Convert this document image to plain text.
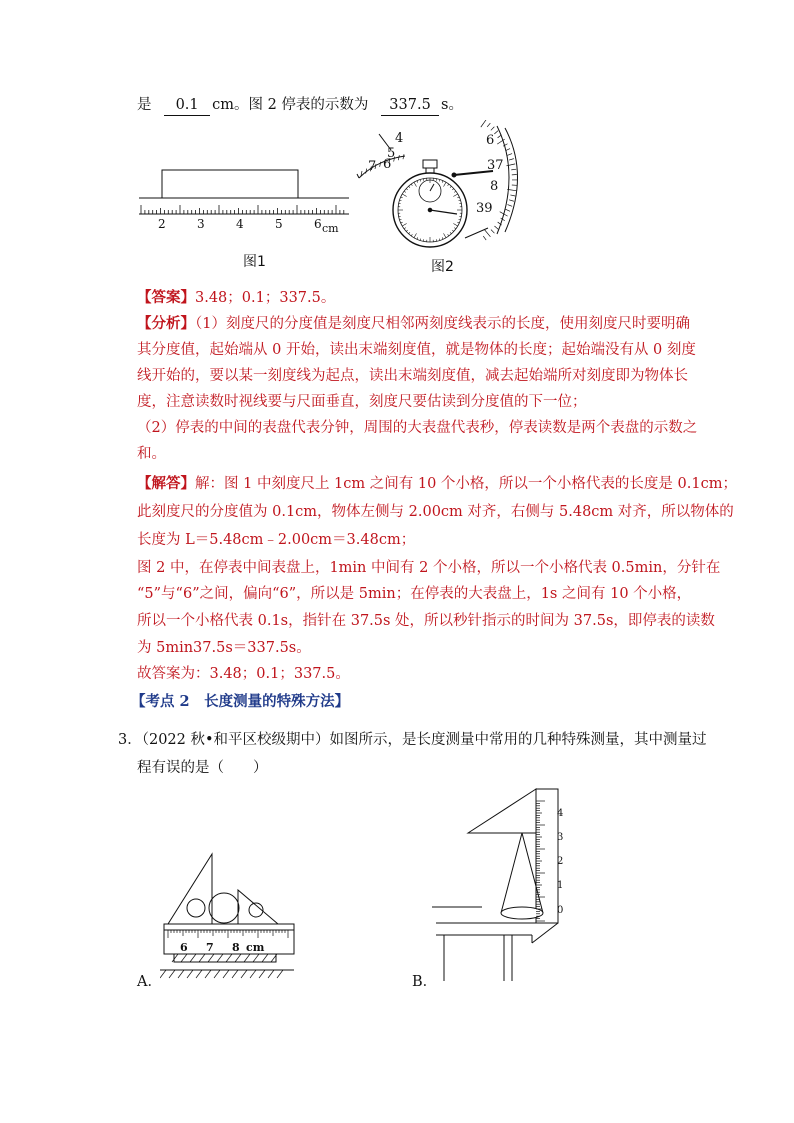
是 0.1 cm。图 2 停表的示数为 337.5 s。
2	3	4	5	6 cm
图1
4
5
6
7
6
37
8
39
图2
【答案】3.48；0.1；337.5。
【分析】（1）刻度尺的分度值是刻度尺相邻两刻度线表示的长度，使用刻度尺时要明确
其分度值，起始端从 0 开始，读出末端刻度值，就是物体的长度；起始端没有从 0 刻度
线开始的，要以某一刻度线为起点，读出末端刻度值，减去起始端所对刻度即为物体长
度，注意读数时视线要与尺面垂直，刻度尺要估读到分度值的下一位；
（2）停表的中间的表盘代表分钟，周围的大表盘代表秒，停表读数是两个表盘的示数之
和。
【解答】解：图 1 中刻度尺上 1cm 之间有 10 个小格，所以一个小格代表的长度是 0.1cm；
此刻度尺的分度值为 0.1cm，物体左侧与 2.00cm 对齐，右侧与 5.48cm 对齐，所以物体的
长度为 L＝5.48cm﹣2.00cm＝3.48cm；
图 2 中，在停表中间表盘上，1min 中间有 2 个小格，所以一个小格代表 0.5min，分针在
“5”与“6”之间，偏向“6”，所以是 5min；在停表的大表盘上，1s 之间有 10 个小格，
所以一个小格代表 0.1s，指针在 37.5s 处，所以秒针指示的时间为 37.5s，即停表的读数
为 5min37.5s＝337.5s。
故答案为：3.48；0.1；337.5。
【考点 2　长度测量的特殊方法】
3．（2022 秋•和平区校级期中）如图所示，是长度测量中常用的几种特殊测量，其中测量过
程有误的是（　　）
6 7 8 cm
A．
4
3
2
1
0
B．
